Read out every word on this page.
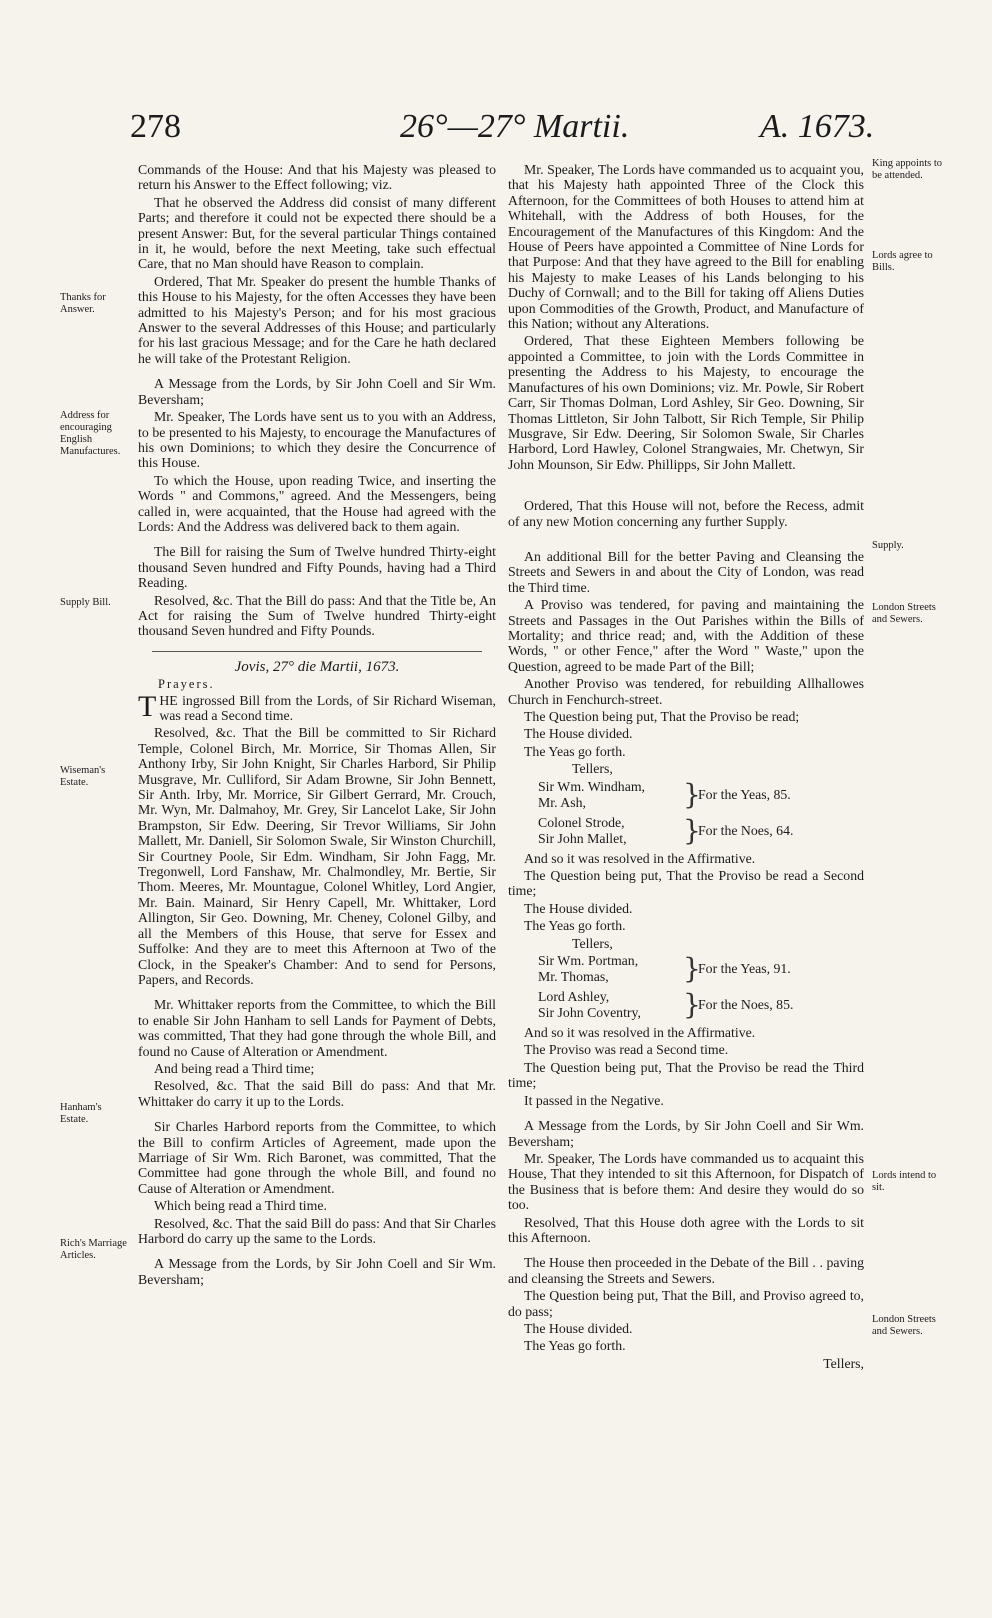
278	26°—27° Martii.	A. 1673.

Commands of the House: And that his Majesty was pleased to return his Answer to the Effect following; viz.

That he observed the Address did consist of many different Parts; and therefore it could not be expected there should be a present Answer: But, for the several particular Things contained in it, he would, before the next Meeting, take such effectual Care, that no Man should have Reason to complain.

Ordered, That Mr. Speaker do present the humble Thanks of this House to his Majesty, for the often Accesses they have been admitted to his Majesty's Person; and for his most gracious Answer to the several Addresses of this House; and particularly for his last gracious Message; and for the Care he hath declared he will take of the Protestant Religion.

A Message from the Lords, by Sir John Coell and Sir Wm. Beversham;

Mr. Speaker, The Lords have sent us to you with an Address, to be presented to his Majesty, to encourage the Manufactures of his own Dominions; to which they desire the Concurrence of this House.

To which the House, upon reading Twice, and inserting the Words " and Commons," agreed. And the Messengers, being called in, were acquainted, that the House had agreed with the Lords: And the Address was delivered back to them again.

The Bill for raising the Sum of Twelve hundred Thirty-eight thousand Seven hundred and Fifty Pounds, having had a Third Reading.

Resolved, &c. That the Bill do pass: And that the Title be, An Act for raising the Sum of Twelve hundred Thirty-eight thousand Seven hundred and Fifty Pounds.

Jovis, 27° die Martii, 1673.

Prayers.

THE ingrossed Bill from the Lords, of Sir Richard Wiseman, was read a Second time.

Resolved, &c. That the Bill be committed to Sir Richard Temple, Colonel Birch, Mr. Morrice, Sir Thomas Allen, Sir Anthony Irby, Sir John Knight, Sir Charles Harbord, Sir Philip Musgrave, Mr. Culliford, Sir Adam Browne, Sir John Bennett, Sir Anth. Irby, Mr. Morrice, Sir Gilbert Gerrard, Mr. Crouch, Mr. Wyn, Mr. Dalmahoy, Mr. Grey, Sir Lancelot Lake, Sir John Brampston, Sir Edw. Deering, Sir Trevor Williams, Sir John Mallett, Mr. Daniell, Sir Solomon Swale, Sir Winston Churchill, Sir Courtney Poole, Sir Edm. Windham, Sir John Fagg, Mr. Tregonwell, Lord Fanshaw, Mr. Chalmondley, Mr. Bertie, Sir Thom. Meeres, Mr. Mountague, Colonel Whitley, Lord Angier, Mr. Bain. Mainard, Sir Henry Capell, Mr. Whittaker, Lord Allington, Sir Geo. Downing, Mr. Cheney, Colonel Gilby, and all the Members of this House, that serve for Essex and Suffolke: And they are to meet this Afternoon at Two of the Clock, in the Speaker's Chamber: And to send for Persons, Papers, and Records.

Mr. Whittaker reports from the Committee, to which the Bill to enable Sir John Hanham to sell Lands for Payment of Debts, was committed, That they had gone through the whole Bill, and found no Cause of Alteration or Amendment.

And being read a Third time;

Resolved, &c. That the said Bill do pass: And that Mr. Whittaker do carry it up to the Lords.

Sir Charles Harbord reports from the Committee, to which the Bill to confirm Articles of Agreement, made upon the Marriage of Sir Wm. Rich Baronet, was committed, That the Committee had gone through the whole Bill, and found no Cause of Alteration or Amendment.

Which being read a Third time.

Resolved, &c. That the said Bill do pass: And that Sir Charles Harbord do carry up the same to the Lords.

A Message from the Lords, by Sir John Coell and Sir Wm. Beversham;

Mr. Speaker, The Lords have commanded us to acquaint you, that his Majesty hath appointed Three of the Clock this Afternoon, for the Committees of both Houses to attend him at Whitehall, with the Address of both Houses, for the Encouragement of the Manufactures of this Kingdom: And the House of Peers have appointed a Committee of Nine Lords for that Purpose: And that they have agreed to the Bill for enabling his Majesty to make Leases of his Lands belonging to his Duchy of Cornwall; and to the Bill for taking off Aliens Duties upon Commodities of the Growth, Product, and Manufacture of this Nation; without any Alterations.

Ordered, That these Eighteen Members following be appointed a Committee, to join with the Lords Committee in presenting the Address to his Majesty, to encourage the Manufactures of his own Dominions; viz. Mr. Powle, Sir Robert Carr, Sir Thomas Dolman, Lord Ashley, Sir Geo. Downing, Sir Thomas Littleton, Sir John Talbott, Sir Rich Temple, Sir Philip Musgrave, Sir Edw. Deering, Sir Solomon Swale, Sir Charles Harbord, Lord Hawley, Colonel Strangwaies, Mr. Chetwyn, Sir John Mounson, Sir Edw. Phillipps, Sir John Mallett.

Ordered, That this House will not, before the Recess, admit of any new Motion concerning any further Supply.

An additional Bill for the better Paving and Cleansing the Streets and Sewers in and about the City of London, was read the Third time.

A Proviso was tendered, for paving and maintaining the Streets and Passages in the Out Parishes within the Bills of Mortality; and thrice read; and, with the Addition of these Words, " or other Fence," after the Word " Waste," upon the Question, agreed to be made Part of the Bill;

Another Proviso was tendered, for rebuilding Allhallowes Church in Fenchurch-street.

The Question being put, That the Proviso be read;

The House divided.

The Yeas go forth.

Tellers,

Sir Wm. Windham,
Mr. Ash,	}
For the Yeas, 85.
Colonel Strode,
Sir John Mallet, }
For the Noes, 64.

And so it was resolved in the Affirmative.

The Question being put, That the Proviso be read a Second time;

The House divided.

The Yeas go forth.

Tellers,

Sir Wm. Portman,
Mr. Thomas,	}
For the Yeas, 91.
Lord Ashley,
Sir John Coventry, }
For the Noes, 85.

And so it was resolved in the Affirmative.

The Proviso was read a Second time.

The Question being put, That the Proviso be read the Third time;

It passed in the Negative.

A Message from the Lords, by Sir John Coell and Sir Wm. Beversham;

Mr. Speaker, The Lords have commanded us to acquaint this House, That they intended to sit this Afternoon, for Dispatch of the Business that is before them: And desire they would do so too.

Resolved, That this House doth agree with the Lords to sit this Afternoon.

The House then proceeded in the Debate of the Bill . . paving and cleansing the Streets and Sewers.

The Question being put, That the Bill, and Proviso agreed to, do pass;

The House divided.

The Yeas go forth.

Tellers,

Thanks for Answer.
Address for encouraging English Manufactures.
Supply Bill.
Wiseman's Estate.
Hanham's Estate.
Rich's Marriage Articles.
King appoints to be attended.
Lords agree to Bills.
Supply.
London Streets and Sewers.
Lords intend to sit.
London Streets and Sewers.
